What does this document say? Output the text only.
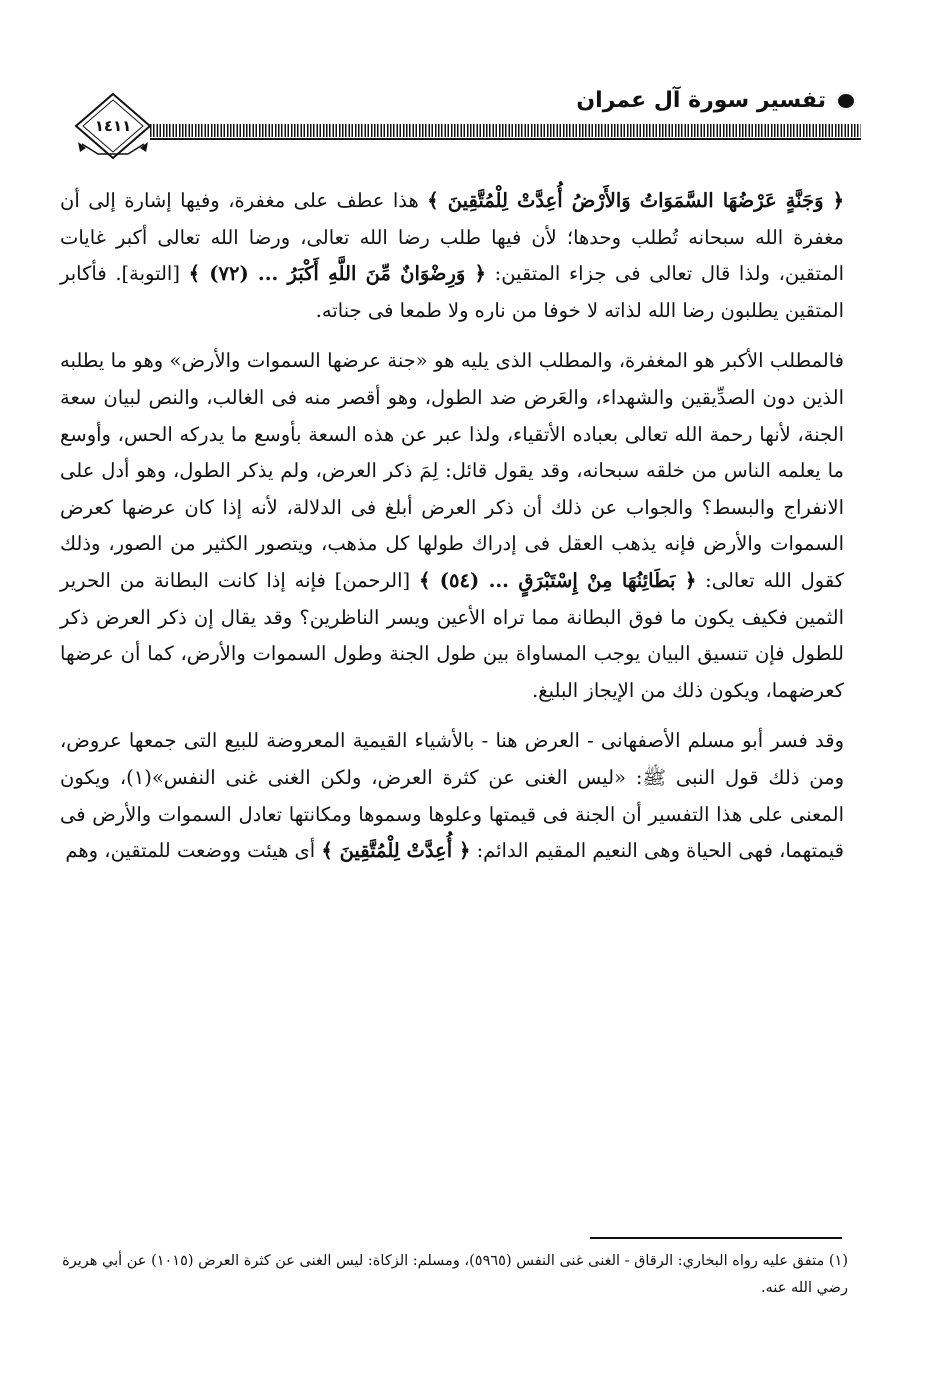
تفسير سورة آل عمران
١٤١١

﴿ وَجَنَّةٍ عَرْضُهَا السَّمَوَاتُ وَالأَرْضُ أُعِدَّتْ لِلْمُتَّقِينَ ﴾ هذا عطف على مغفرة، وفيها إشارة إلى أن مغفرة الله سبحانه تُطلب وحدها؛ لأن فيها طلب رضا الله تعالى، ورضا الله تعالى أكبر غايات المتقين، ولذا قال تعالى فى جزاء المتقين: ﴿ وَرِضْوَانٌ مِّنَ اللَّهِ أَكْبَرُ ... (٧٢) ﴾ [التوبة]. فأكابر المتقين يطلبون رضا الله لذاته لا خوفا من ناره ولا طمعا فى جناته.

فالمطلب الأكبر هو المغفرة، والمطلب الذى يليه هو «جنة عرضها السموات والأرض» وهو ما يطلبه الذين دون الصدِّيقين والشهداء، والعَرض ضد الطول، وهو أقصر منه فى الغالب، والنص لبيان سعة الجنة، لأنها رحمة الله تعالى بعباده الأتقياء، ولذا عبر عن هذه السعة بأوسع ما يدركه الحس، وأوسع ما يعلمه الناس من خلقه سبحانه، وقد يقول قائل: لِمَ ذكر العرض، ولم يذكر الطول، وهو أدل على الانفراج والبسط؟ والجواب عن ذلك أن ذكر العرض أبلغ فى الدلالة، لأنه إذا كان عرضها كعرض السموات والأرض فإنه يذهب العقل فى إدراك طولها كل مذهب، ويتصور الكثير من الصور، وذلك كقول الله تعالى: ﴿ بَطَائِنُهَا مِنْ إِسْتَبْرَقٍ ... (٥٤) ﴾ [الرحمن] فإنه إذا كانت البطانة من الحرير الثمين فكيف يكون ما فوق البطانة مما تراه الأعين ويسر الناظرين؟ وقد يقال إن ذكر العرض ذكر للطول فإن تنسيق البيان يوجب المساواة بين طول الجنة وطول السموات والأرض، كما أن عرضها كعرضهما، ويكون ذلك من الإيجاز البليغ.

وقد فسر أبو مسلم الأصفهانى - العرض هنا - بالأشياء القيمية المعروضة للبيع التى جمعها عروض، ومن ذلك قول النبى ﷺ: «ليس الغنى عن كثرة العرض، ولكن الغنى غنى النفس»(١)، ويكون المعنى على هذا التفسير أن الجنة فى قيمتها وعلوها وسموها ومكانتها تعادل السموات والأرض فى قيمتهما، فهى الحياة وهى النعيم المقيم الدائم: ﴿ أُعِدَّتْ لِلْمُتَّقِينَ ﴾ أى هيئت ووضعت للمتقين، وهم

(١) متفق عليه رواه البخاري: الرقاق - الغنى غنى النفس (٥٩٦٥)، ومسلم: الزكاة: ليس الغنى عن كثرة العرض (١٠١٥) عن أبي هريرة رضي الله عنه.
